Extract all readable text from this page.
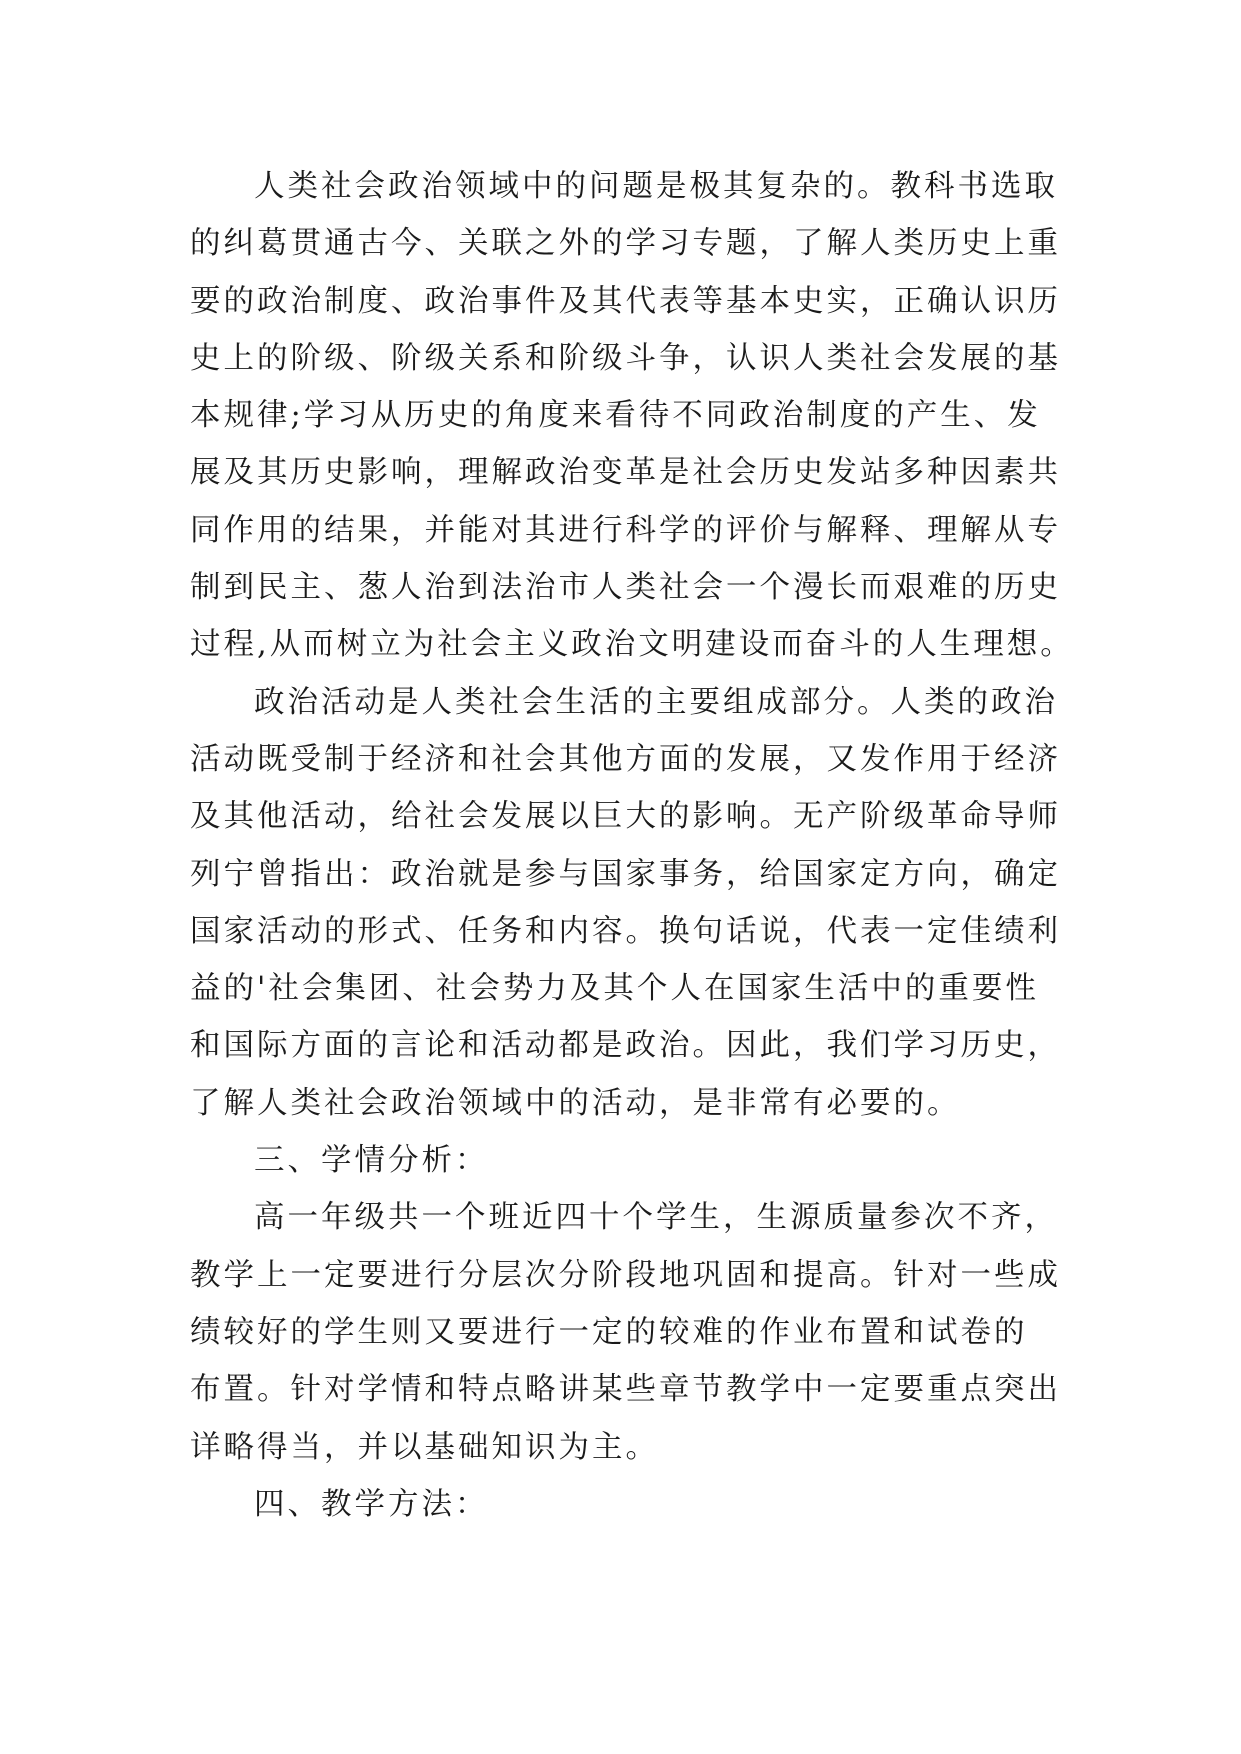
人类社会政治领域中的问题是极其复杂的。教科书选取
的纠葛贯通古今、关联之外的学习专题，了解人类历史上重
要的政治制度、政治事件及其代表等基本史实，正确认识历
史上的阶级、阶级关系和阶级斗争，认识人类社会发展的基
本规律;学习从历史的角度来看待不同政治制度的产生、发
展及其历史影响，理解政治变革是社会历史发站多种因素共
同作用的结果，并能对其进行科学的评价与解释、理解从专
制到民主、葱人治到法治市人类社会一个漫长而艰难的历史
过程,从而树立为社会主义政治文明建设而奋斗的人生理想。
政治活动是人类社会生活的主要组成部分。人类的政治
活动既受制于经济和社会其他方面的发展，又发作用于经济
及其他活动，给社会发展以巨大的影响。无产阶级革命导师
列宁曾指出：政治就是参与国家事务，给国家定方向，确定
国家活动的形式、任务和内容。换句话说，代表一定佳绩利
益的'社会集团、社会势力及其个人在国家生活中的重要性
和国际方面的言论和活动都是政治。因此，我们学习历史，
了解人类社会政治领域中的活动，是非常有必要的。
三、学情分析：
高一年级共一个班近四十个学生，生源质量参次不齐，
教学上一定要进行分层次分阶段地巩固和提高。针对一些成
绩较好的学生则又要进行一定的较难的作业布置和试卷的
布置。针对学情和特点略讲某些章节教学中一定要重点突出
详略得当，并以基础知识为主。
四、教学方法：
